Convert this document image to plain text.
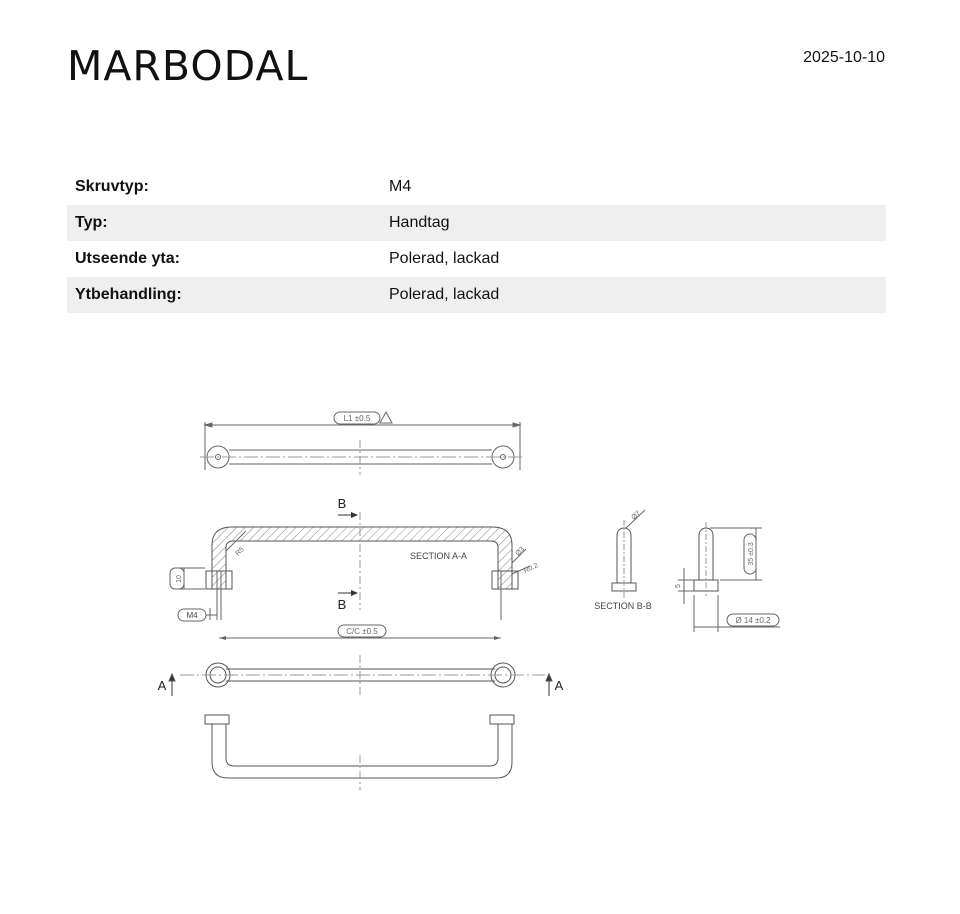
MARBODAL	2025-10-10
Skruvtyp:	M4
Typ:	Handtag
Utseende yta:	Polerad, lackad
Ytbehandling:	Polerad, lackad
L1 ±0.5
B
B
SECTION A-A
R5	Ø3
R0.2
10
M4
C/C ±0.5
Ø7
SECTION B-B
35 ±0.3
5
Ø 14 ±0.2
A	A
